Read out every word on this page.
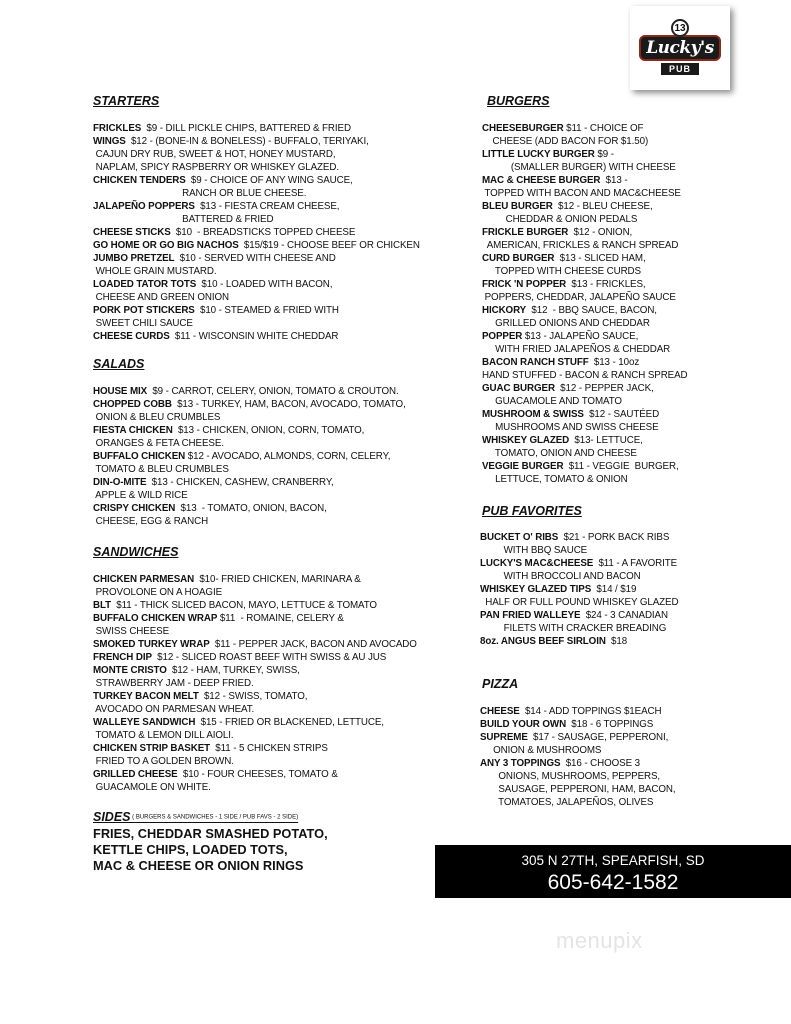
13
Lucky's
PUB
STARTERS
FRICKLES  $9 - DILL PICKLE CHIPS, BATTERED & FRIED
WINGS  $12 - (BONE-IN & BONELESS) - BUFFALO, TERIYAKI,
CAJUN DRY RUB, SWEET & HOT, HONEY MUSTARD,
NAPLAM, SPICY RASPBERRY OR WHISKEY GLAZED.
CHICKEN TENDERS  $9 - CHOICE OF ANY WING SAUCE,
RANCH OR BLUE CHEESE.
JALAPEÑO POPPERS  $13 - FIESTA CREAM CHEESE,
BATTERED & FRIED
CHEESE STICKS  $10  - BREADSTICKS TOPPED CHEESE
GO HOME OR GO BIG NACHOS  $15/$19 - CHOOSE BEEF OR CHICKEN
JUMBO PRETZEL  $10 - SERVED WITH CHEESE AND
WHOLE GRAIN MUSTARD.
LOADED TATOR TOTS  $10 - LOADED WITH BACON,
CHEESE AND GREEN ONION
PORK POT STICKERS  $10 - STEAMED & FRIED WITH
SWEET CHILI SAUCE
CHEESE CURDS  $11 - WISCONSIN WHITE CHEDDAR
SALADS
HOUSE MIX  $9 - CARROT, CELERY, ONION, TOMATO & CROUTON.
CHOPPED COBB  $13 - TURKEY, HAM, BACON, AVOCADO, TOMATO,
ONION & BLEU CRUMBLES
FIESTA CHICKEN  $13 - CHICKEN, ONION, CORN, TOMATO,
ORANGES & FETA CHEESE.
BUFFALO CHICKEN $12 - AVOCADO, ALMONDS, CORN, CELERY,
TOMATO & BLEU CRUMBLES
DIN-O-MITE  $13 - CHICKEN, CASHEW, CRANBERRY,
APPLE & WILD RICE
CRISPY CHICKEN  $13  - TOMATO, ONION, BACON,
CHEESE, EGG & RANCH
SANDWICHES
CHICKEN PARMESAN  $10- FRIED CHICKEN, MARINARA &
PROVOLONE ON A HOAGIE
BLT  $11 - THICK SLICED BACON, MAYO, LETTUCE & TOMATO
BUFFALO CHICKEN WRAP $11  - ROMAINE, CELERY &
SWISS CHEESE
SMOKED TURKEY WRAP  $11 - PEPPER JACK, BACON AND AVOCADO
FRENCH DIP  $12 - SLICED ROAST BEEF WITH SWISS & AU JUS
MONTE CRISTO  $12 - HAM, TURKEY, SWISS,
STRAWBERRY JAM - DEEP FRIED.
TURKEY BACON MELT  $12 - SWISS, TOMATO,
AVOCADO ON PARMESAN WHEAT.
WALLEYE SANDWICH  $15 - FRIED OR BLACKENED, LETTUCE,
TOMATO & LEMON DILL AIOLI.
CHICKEN STRIP BASKET  $11 - 5 CHICKEN STRIPS
FRIED TO A GOLDEN BROWN.
GRILLED CHEESE  $10 - FOUR CHEESES, TOMATO &
GUACAMOLE ON WHITE.
SIDES ( BURGERS & SANDWICHES - 1 SIDE / PUB FAVS - 2 SIDE)
FRIES, CHEDDAR SMASHED POTATO,
KETTLE CHIPS, LOADED TOTS,
MAC & CHEESE OR ONION RINGS
BURGERS
CHEESEBURGER $11 - CHOICE OF
CHEESE (ADD BACON FOR $1.50)
LITTLE LUCKY BURGER $9 -
(SMALLER BURGER) WITH CHEESE
MAC & CHEESE BURGER  $13 -
TOPPED WITH BACON AND MAC&CHEESE
BLEU BURGER  $12 - BLEU CHEESE,
CHEDDAR & ONION PEDALS
FRICKLE BURGER  $12 - ONION,
AMERICAN, FRICKLES & RANCH SPREAD
CURD BURGER  $13 - SLICED HAM,
TOPPED WITH CHEESE CURDS
FRICK 'N POPPER  $13 - FRICKLES,
POPPERS, CHEDDAR, JALAPEÑO SAUCE
HICKORY  $12  - BBQ SAUCE, BACON,
GRILLED ONIONS AND CHEDDAR
POPPER $13 - JALAPEÑO SAUCE,
WITH FRIED JALAPEÑOS & CHEDDAR
BACON RANCH STUFF  $13 - 10oz
HAND STUFFED - BACON & RANCH SPREAD
GUAC BURGER  $12 - PEPPER JACK,
GUACAMOLE AND TOMATO
MUSHROOM & SWISS  $12 - SAUTÉED
MUSHROOMS AND SWISS CHEESE
WHISKEY GLAZED  $13- LETTUCE,
TOMATO, ONION AND CHEESE
VEGGIE BURGER  $11 - VEGGIE  BURGER,
LETTUCE, TOMATO & ONION
PUB FAVORITES
BUCKET O' RIBS  $21 - PORK BACK RIBS
WITH BBQ SAUCE
LUCKY'S MAC&CHEESE  $11 - A FAVORITE
WITH BROCCOLI AND BACON
WHISKEY GLAZED TIPS  $14 / $19
HALF OR FULL POUND WHISKEY GLAZED
PAN FRIED WALLEYE  $24 - 3 CANADIAN
FILETS WITH CRACKER BREADING
8oz. ANGUS BEEF SIRLOIN  $18
PIZZA
CHEESE  $14 - ADD TOPPINGS $1EACH
BUILD YOUR OWN  $18 - 6 TOPPINGS
SUPREME  $17 - SAUSAGE, PEPPERONI,
ONION & MUSHROOMS
ANY 3 TOPPINGS  $16 - CHOOSE 3
ONIONS, MUSHROOMS, PEPPERS,
SAUSAGE, PEPPERONI, HAM, BACON,
TOMATOES, JALAPEÑOS, OLIVES
305 N 27TH, SPEARFISH, SD
605-642-1582
menupix
